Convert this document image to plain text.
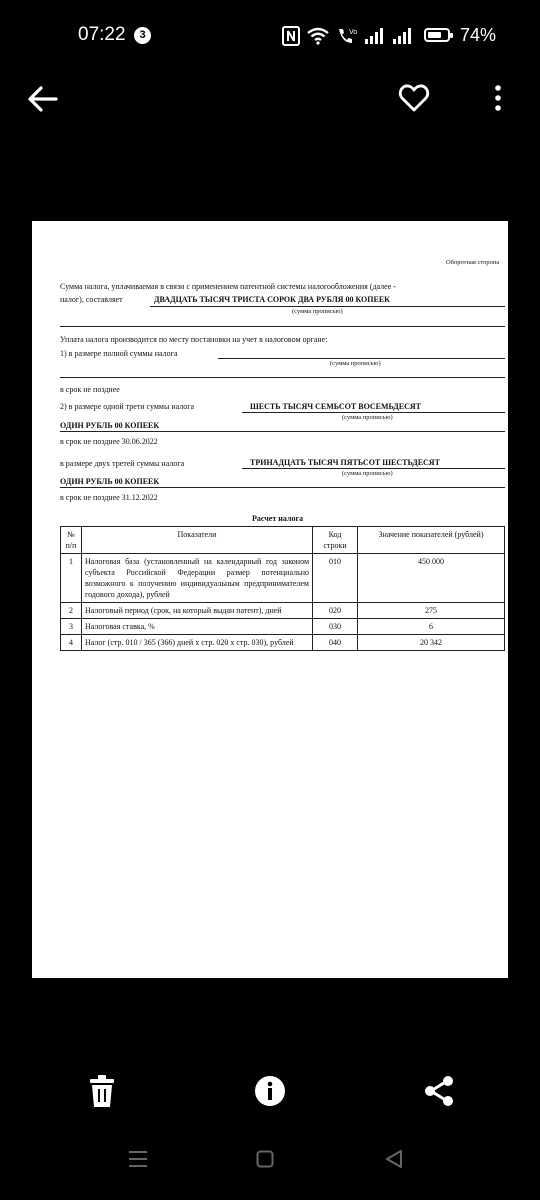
07:22	3	Vo	74%
Оборотная сторона
Сумма налога, уплачиваемая в связи с применением патентной системы налогообложения (далее -
налог), составляет	ДВАДЦАТЬ ТЫСЯЧ ТРИСТА СОРОК ДВА РУБЛЯ 00 КОПЕЕК
(сумма прописью)
Уплата налога производится по месту постановки на учет в налоговом органе:
1) в размере полной суммы налога
(сумма прописью)
в срок не позднее
2) в размере одной трети суммы налога	ШЕСТЬ ТЫСЯЧ СЕМЬСОТ ВОСЕМЬДЕСЯТ
(сумма прописью)
ОДИН РУБЛЬ 00 КОПЕЕК
в срок не позднее 30.06.2022
в размере двух третей суммы налога	ТРИНАДЦАТЬ ТЫСЯЧ ПЯТЬСОТ ШЕСТЬДЕСЯТ
(сумма прописью)
ОДИН РУБЛЬ 00 КОПЕЕК
в срок не позднее 31.12.2022
Расчет налога
№ п/п	Показатели	Код строки	Значение показателей (рублей)
1	Налоговая база (установленный на календарный год законом субъекта Российской Федерации размер потенциально возможного к получению индивидуальным предпринимателем годового дохода), рублей	010	450 000
2	Налоговый период (срок, на который выдан патент), дней	020	275
3	Налоговая ставка, %	030	6
4	Налог (стр. 010 / 365 (366) дней x стр. 020 x стр. 030), рублей	040	20 342
